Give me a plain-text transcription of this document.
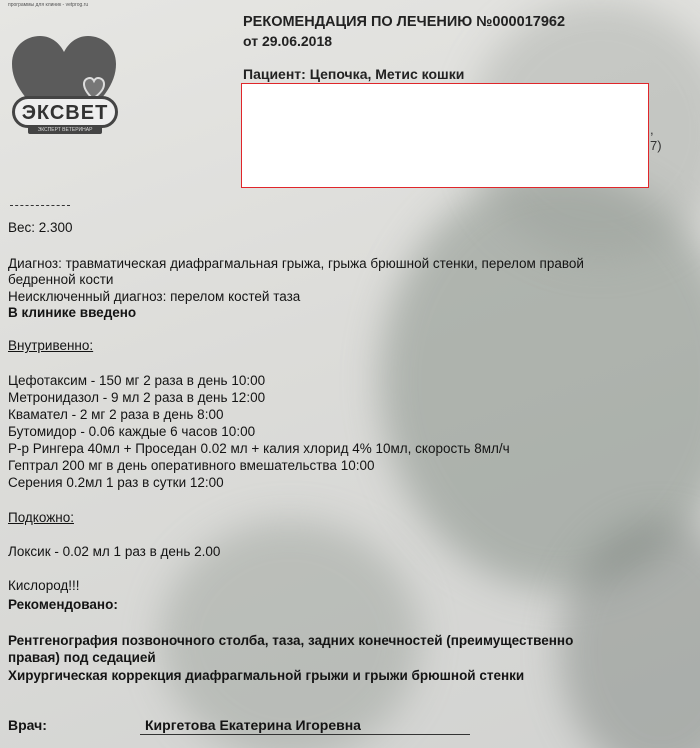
программы для клиник - vetprog.ru
ЭКСВЕТ
ЭКСПЕРТ ВЕТЕРИНАР
РЕКОМЕНДАЦИЯ ПО ЛЕЧЕНИЮ №000017962
от 29.06.2018
Пациент: Цепочка, Метис кошки
,
7)
Вес: 2.300
Диагноз: травматическая диафрагмальная грыжа, грыжа брюшной стенки, перелом правой
бедренной кости
Неисключенный диагноз: перелом костей таза
В клинике введено
Внутривенно:
Цефотаксим - 150 мг 2 раза в день 10:00
Метронидазол - 9 мл 2 раза в день 12:00
Квамател - 2 мг 2 раза в день 8:00
Бутомидор - 0.06 каждые 6 часов 10:00
Р-р Рингера 40мл + Проседан 0.02 мл + калия хлорид 4% 10мл, скорость 8мл/ч
Гептрал 200 мг в день оперативного вмешательства 10:00
Серения 0.2мл 1 раз в сутки 12:00
Подкожно:
Локсик - 0.02 мл 1 раз в день 2.00
Кислород!!!
Рекомендовано:
Рентгенография позвоночного столба, таза, задних конечностей (преимущественно
правая) под седацией
Хирургическая коррекция диафрагмальной грыжи и грыжи брюшной стенки
Врач:	Киргетова Екатерина Игоревна
